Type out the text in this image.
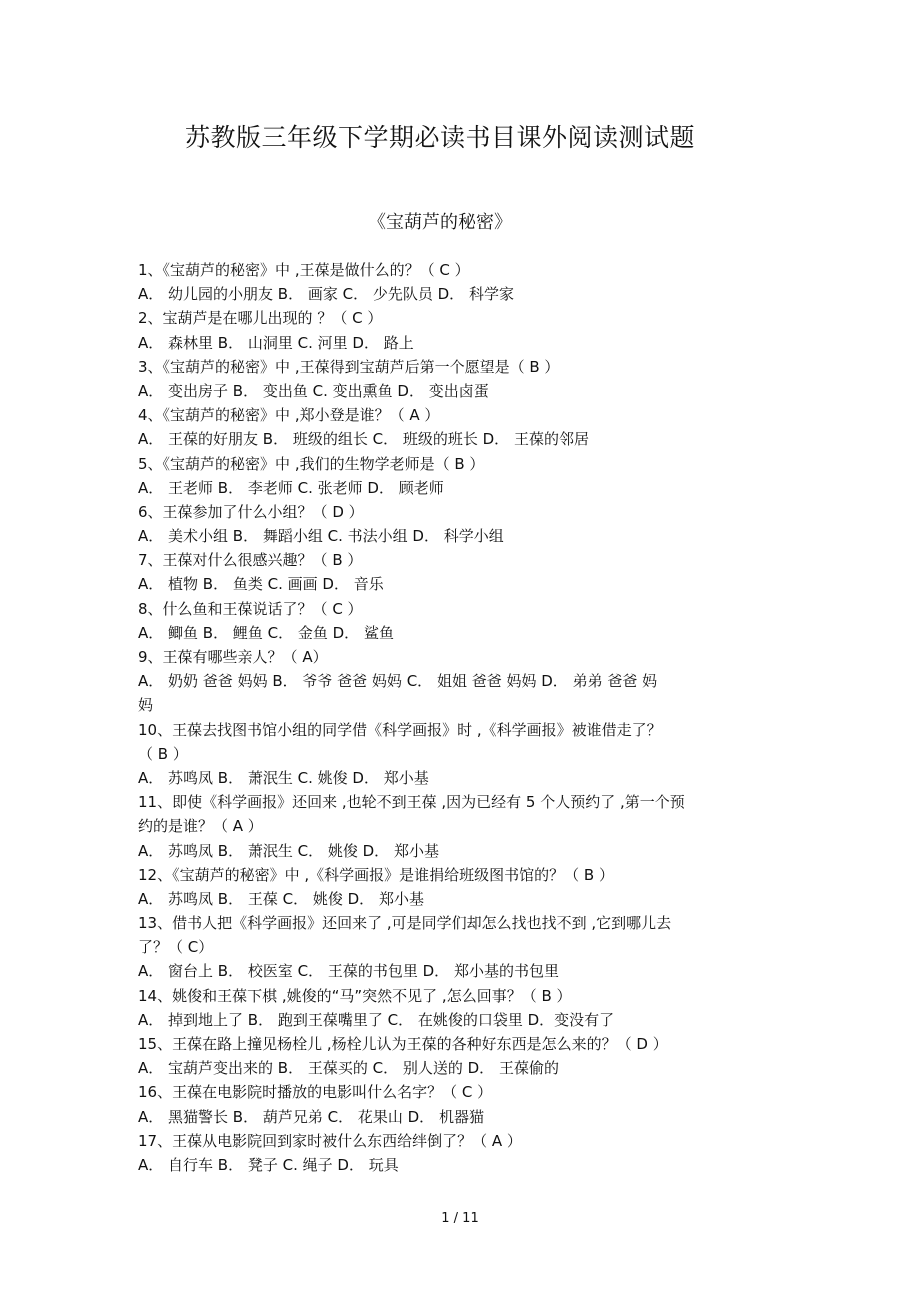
苏教版三年级下学期必读书目课外阅读测试题
《宝葫芦的秘密》
1、《宝葫芦的秘密》中 ,王葆是做什么的？（ C ）
A． 幼儿园的小朋友 B． 画家 C． 少先队员 D． 科学家
2、宝葫芦是在哪儿出现的 ？（ C ）
A． 森林里 B． 山洞里 C. 河里 D． 路上
3、《宝葫芦的秘密》中 ,王葆得到宝葫芦后第一个愿望是（ B ）
A． 变出房子 B． 变出鱼 C. 变出熏鱼 D． 变出卤蛋
4、《宝葫芦的秘密》中 ,郑小登是谁？（ A ）
A． 王葆的好朋友 B． 班级的组长 C． 班级的班长 D． 王葆的邻居
5、《宝葫芦的秘密》中 ,我们的生物学老师是（ B ）
A． 王老师 B． 李老师 C. 张老师 D． 顾老师
6、王葆参加了什么小组？（ D ）
A． 美术小组 B． 舞蹈小组 C. 书法小组 D． 科学小组
7、王葆对什么很感兴趣？（ B ）
A． 植物 B． 鱼类 C. 画画 D． 音乐
8、什么鱼和王葆说话了？（ C ）
A． 鲫鱼 B． 鲤鱼 C． 金鱼 D． 鲨鱼
9、王葆有哪些亲人？（ A）
A． 奶奶 爸爸 妈妈 B． 爷爷 爸爸 妈妈 C． 姐姐 爸爸 妈妈 D． 弟弟 爸爸 妈
妈
10、王葆去找图书馆小组的同学借《科学画报》时 ,《科学画报》被谁借走了？
（ B ）
A． 苏鸣凤 B． 萧泯生 C. 姚俊 D． 郑小基
11、即使《科学画报》还回来 ,也轮不到王葆 ,因为已经有 5 个人预约了 ,第一个预
约的是谁？（ A ）
A． 苏鸣凤 B． 萧泯生 C． 姚俊 D． 郑小基
12、《宝葫芦的秘密》中 ,《科学画报》是谁捐给班级图书馆的？（ B ）
A． 苏鸣凤 B． 王葆 C． 姚俊 D． 郑小基
13、借书人把《科学画报》还回来了 ,可是同学们却怎么找也找不到 ,它到哪儿去
了？（ C）
A． 窗台上 B． 校医室 C． 王葆的书包里 D． 郑小基的书包里
14、姚俊和王葆下棋 ,姚俊的“马”突然不见了 ,怎么回事？（ B ）
A． 掉到地上了 B． 跑到王葆嘴里了 C． 在姚俊的口袋里 D．变没有了
15、王葆在路上撞见杨栓儿 ,杨栓儿认为王葆的各种好东西是怎么来的？（ D ）
A． 宝葫芦变出来的 B． 王葆买的 C． 别人送的 D． 王葆偷的
16、王葆在电影院时播放的电影叫什么名字？（ C ）
A． 黑猫警长 B． 葫芦兄弟 C． 花果山 D． 机器猫
17、王葆从电影院回到家时被什么东西给绊倒了？（ A ）
A． 自行车 B． 凳子 C. 绳子 D． 玩具
1 / 11
